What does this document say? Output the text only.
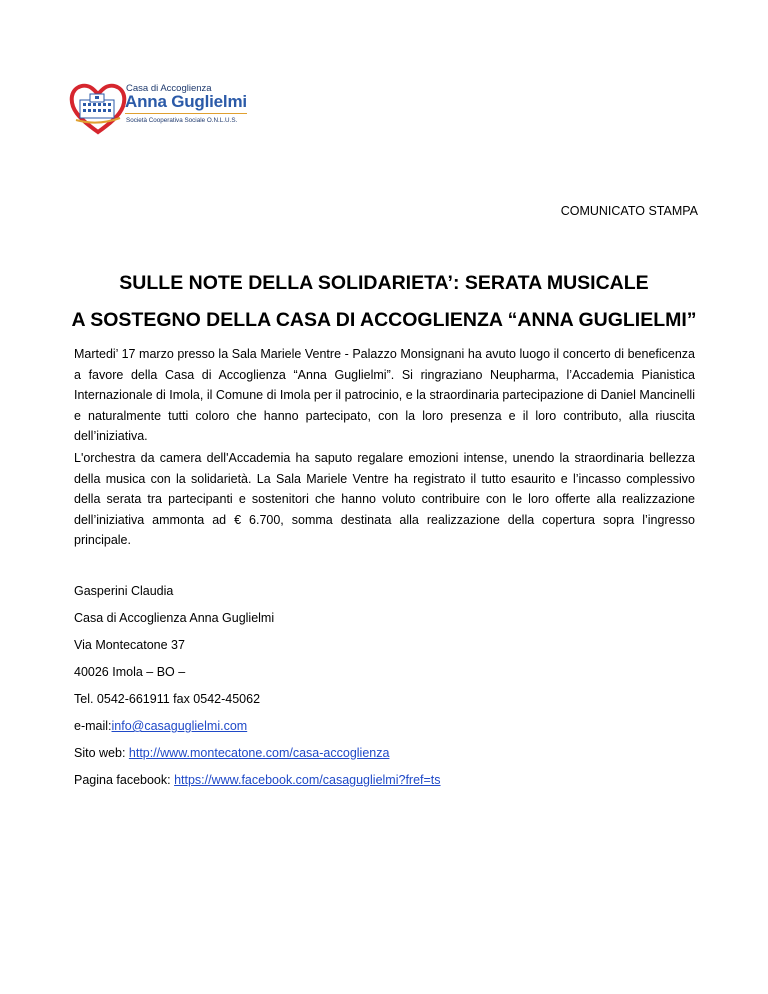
Casa di Accoglienza
Anna Guglielmi
Società Cooperativa Sociale O.N.L.U.S.
COMUNICATO STAMPA
SULLE NOTE DELLA SOLIDARIETA’: SERATA MUSICALE
A SOSTEGNO DELLA CASA DI ACCOGLIENZA “ANNA GUGLIELMI”

Martedi’ 17 marzo presso la Sala Mariele Ventre - Palazzo Monsignani ha avuto luogo il concerto di beneficenza a favore della Casa di Accoglienza “Anna Guglielmi”. Si ringraziano Neupharma, l’Accademia Pianistica Internazionale di Imola, il Comune di Imola per il patrocinio, e la straordinaria partecipazione di Daniel Mancinelli e naturalmente tutti coloro che hanno partecipato, con la loro presenza e il loro contributo, alla riuscita dell’iniziativa.

L'orchestra da camera dell'Accademia ha saputo regalare emozioni intense, unendo la straordinaria bellezza della musica con la solidarietà. La Sala Mariele Ventre ha registrato il tutto esaurito e l’incasso complessivo della serata tra partecipanti e sostenitori che hanno voluto contribuire con le loro offerte alla realizzazione dell’iniziativa ammonta ad € 6.700, somma destinata alla realizzazione della copertura sopra l’ingresso principale.

Gasperini Claudia
Casa di Accoglienza Anna Guglielmi
Via Montecatone 37
40026 Imola – BO –
Tel. 0542-661911 fax 0542-45062
e-mail:info@casaguglielmi.com
Sito web: http://www.montecatone.com/casa-accoglienza
Pagina facebook: https://www.facebook.com/casaguglielmi?fref=ts
